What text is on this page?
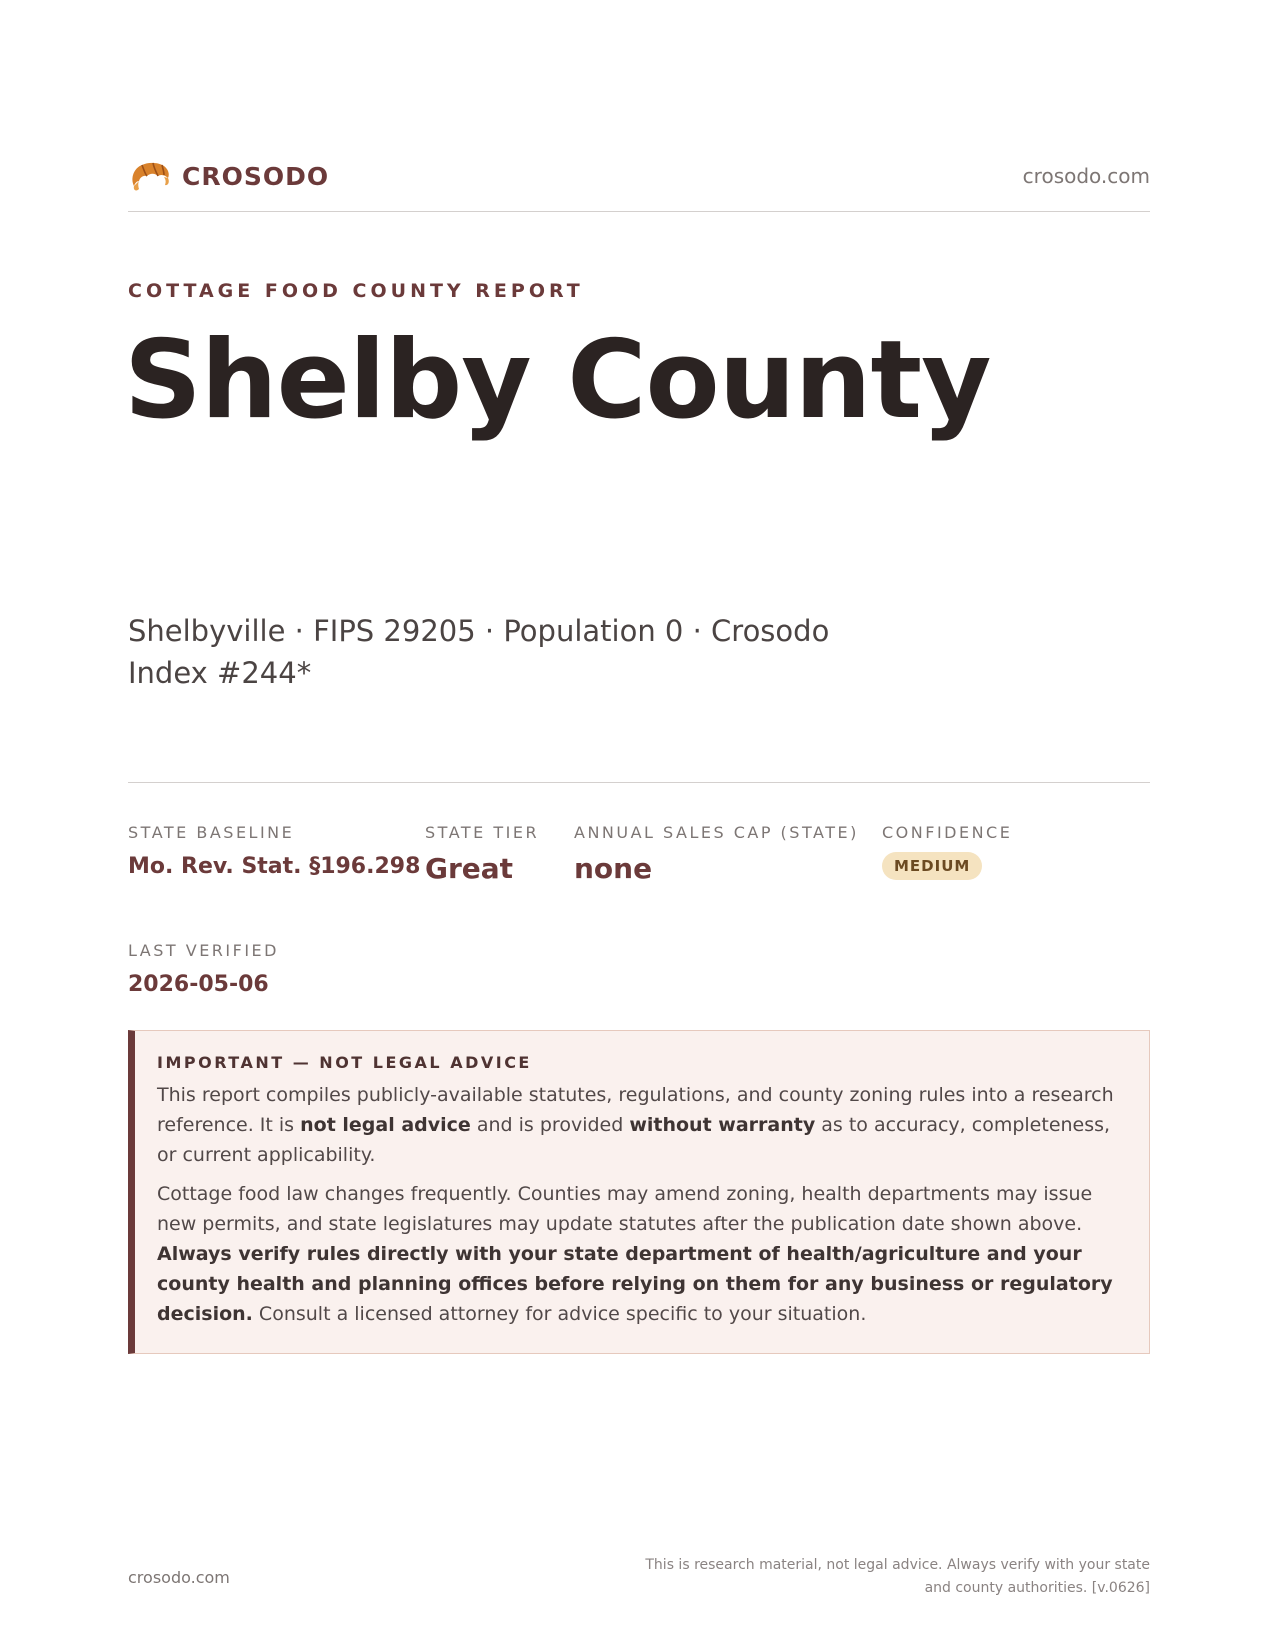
CROSODO	crosodo.com
COTTAGE FOOD COUNTY REPORT
Shelby County
Shelbyville · FIPS 29205 · Population 0 · Crosodo Index #244*
STATE BASELINE
Mo. Rev. Stat. §196.298
STATE TIER
Great
ANNUAL SALES CAP (STATE)
none
CONFIDENCE
MEDIUM
LAST VERIFIED
2026-05-06
IMPORTANT — NOT LEGAL ADVICE

This report compiles publicly-available statutes, regulations, and county zoning rules into a research reference. It is not legal advice and is provided without warranty as to accuracy, completeness, or current applicability.

Cottage food law changes frequently. Counties may amend zoning, health departments may issue new permits, and state legislatures may update statutes after the publication date shown above. Always verify rules directly with your state department of health/agriculture and your county health and planning offices before relying on them for any business or regulatory decision. Consult a licensed attorney for advice specific to your situation.

crosodo.com
This is research material, not legal advice. Always verify with your state
and county authorities. [v.0626]
